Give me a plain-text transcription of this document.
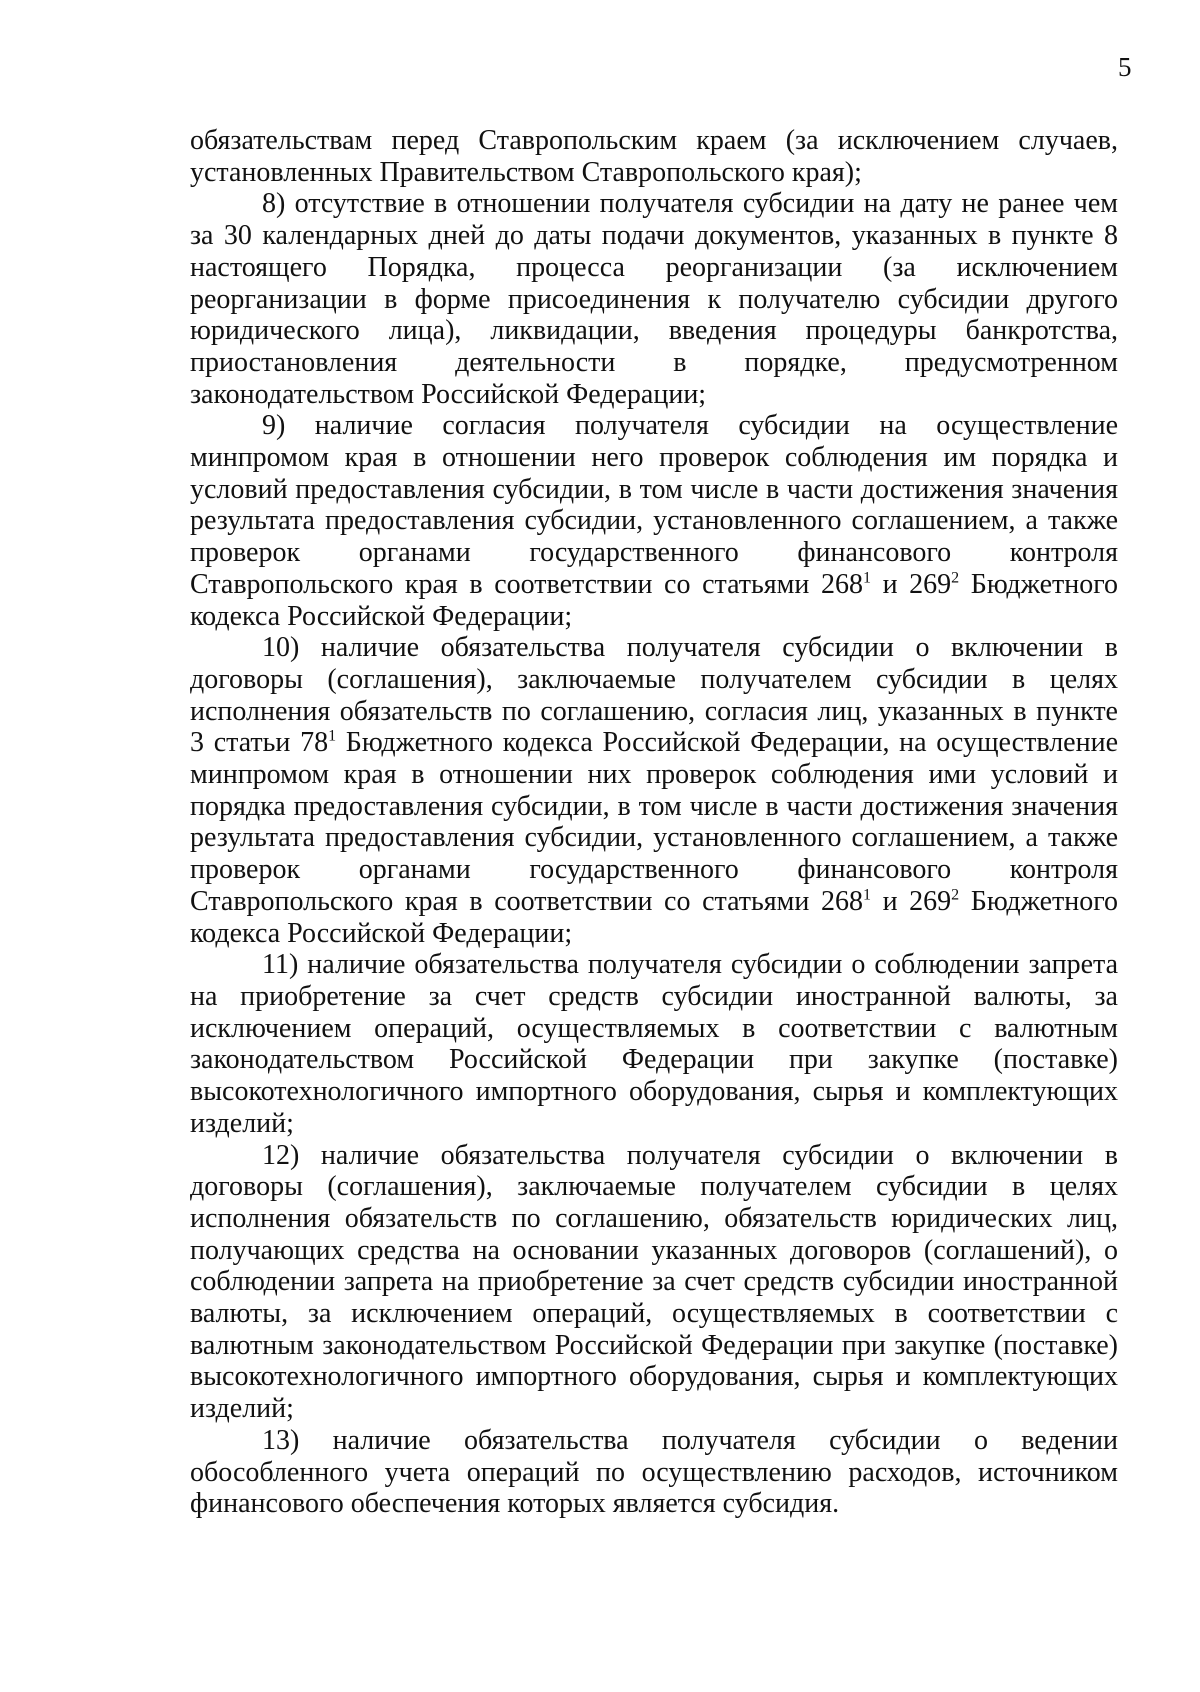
5

обязательствам перед Ставропольским краем (за исключением случаев, установленных Правительством Ставропольского края);

8) отсутствие в отношении получателя субсидии на дату не ранее чем за 30 календарных дней до даты подачи документов, указанных в пункте 8 настоящего Порядка, процесса реорганизации (за исключением реорганизации в форме присоединения к получателю субсидии другого юридического лица), ликвидации, введения процедуры банкротства, приостановления деятельности в порядке, предусмотренном законодательством Российской Федерации;

9) наличие согласия получателя субсидии на осуществление минпромом края в отношении него проверок соблюдения им порядка и условий предоставления субсидии, в том числе в части достижения значения результата предоставления субсидии, установленного соглашением, а также проверок органами государственного финансового контроля Ставропольского края в соответствии со статьями $268^1$ и $269^2$ Бюджетного кодекса Российской Федерации;

10) наличие обязательства получателя субсидии о включении в договоры (соглашения), заключаемые получателем субсидии в целях исполнения обязательств по соглашению, согласия лиц, указанных в пункте 3 статьи $78^1$ Бюджетного кодекса Российской Федерации, на осуществление минпромом края в отношении них проверок соблюдения ими условий и порядка предоставления субсидии, в том числе в части достижения значения результата предоставления субсидии, установленного соглашением, а также проверок органами государственного финансового контроля Ставропольского края в соответствии со статьями $268^1$ и $269^2$ Бюджетного кодекса Российской Федерации;

11) наличие обязательства получателя субсидии о соблюдении запрета на приобретение за счет средств субсидии иностранной валюты, за исключением операций, осуществляемых в соответствии с валютным законодательством Российской Федерации при закупке (поставке) высокотехнологичного импортного оборудования, сырья и комплектующих изделий;

12) наличие обязательства получателя субсидии о включении в договоры (соглашения), заключаемые получателем субсидии в целях исполнения обязательств по соглашению, обязательств юридических лиц, получающих средства на основании указанных договоров (соглашений), о соблюдении запрета на приобретение за счет средств субсидии иностранной валюты, за исключением операций, осуществляемых в соответствии с валютным законодательством Российской Федерации при закупке (поставке) высокотехнологичного импортного оборудования, сырья и комплектующих изделий;

13) наличие обязательства получателя субсидии о ведении обособленного учета операций по осуществлению расходов, источником финансового обеспечения которых является субсидия.
